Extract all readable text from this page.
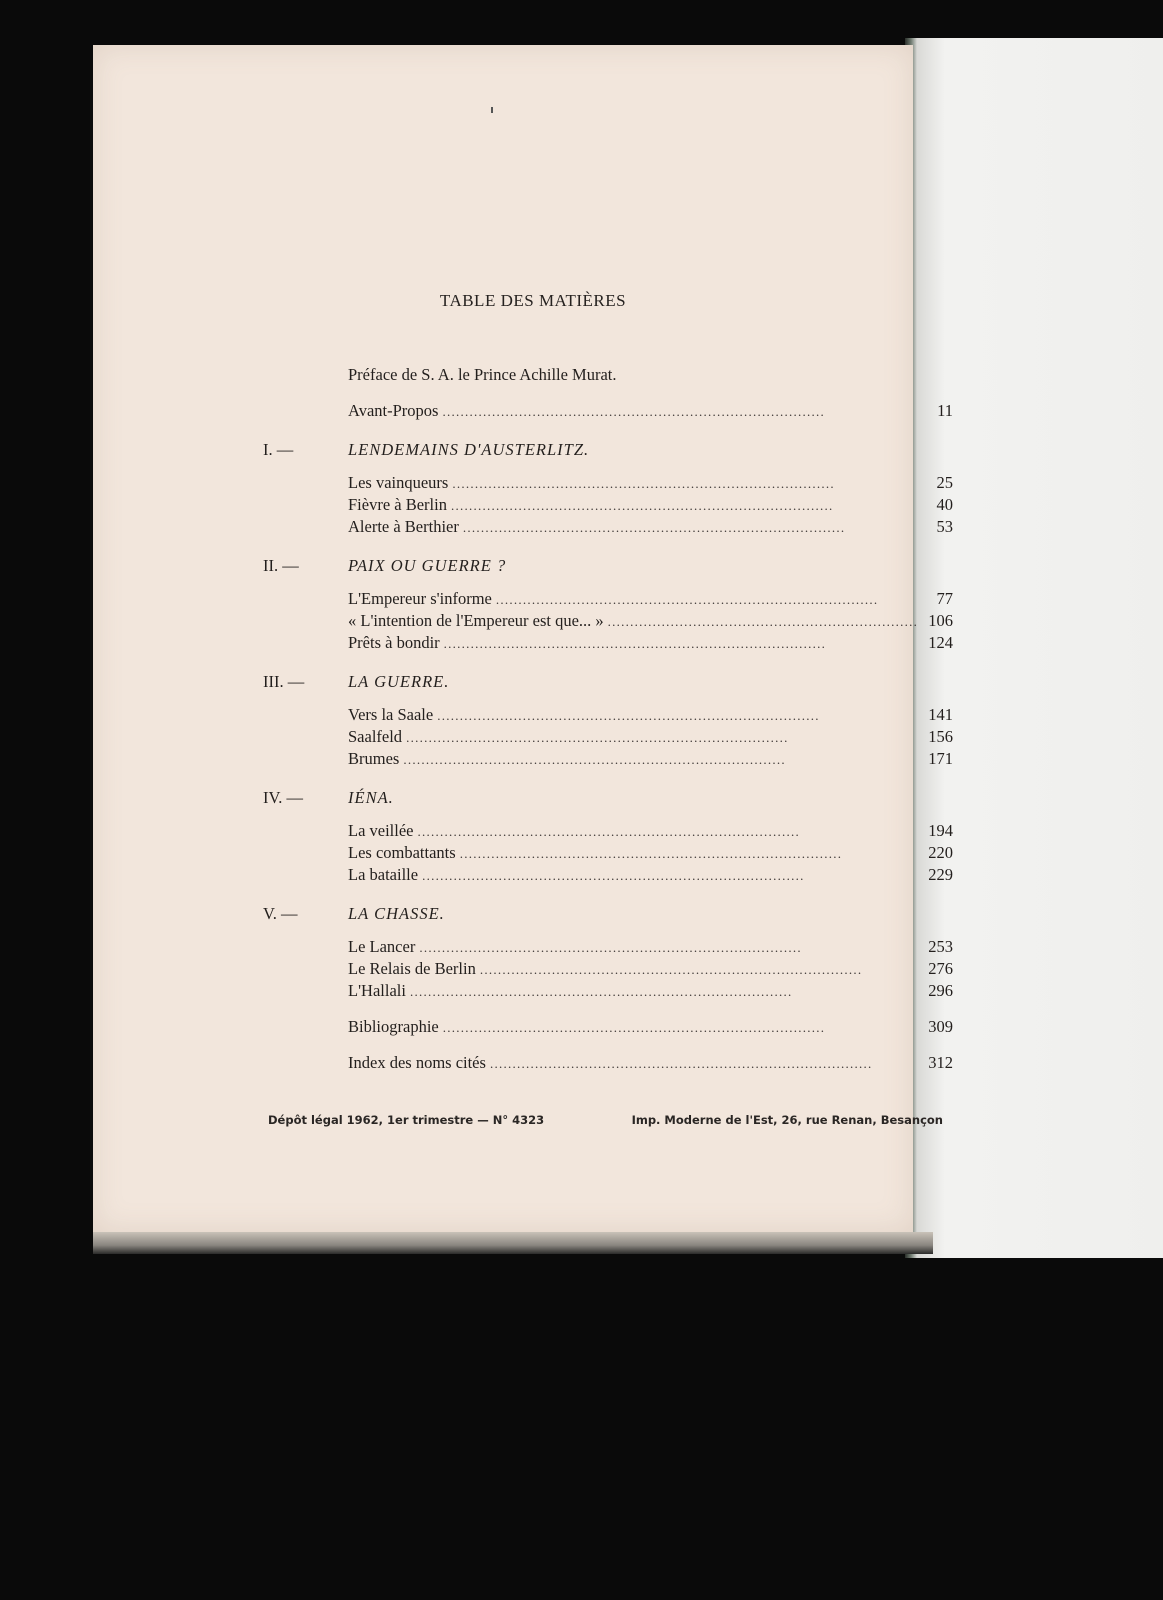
TABLE DES MATIÈRES
Préface de S. A. le Prince Achille Murat.
Avant-Propos . . .	11
I. —	LENDEMAINS D'AUSTERLITZ.
Les vainqueurs . . .	25
Fièvre à Berlin . . .	40
Alerte à Berthier . . .	53
II. —	PAIX OU GUERRE ?
L'Empereur s'informe . . .	77
« L'intention de l'Empereur est que... » . . .	106
Prêts à bondir . . .	124
III. —	LA GUERRE.
Vers la Saale . . .	141
Saalfeld . . .	156
Brumes . . .	171
IV. —	IÉNA.
La veillée . . .	194
Les combattants . . .	220
La bataille . . .	229
V. —	LA CHASSE.
Le Lancer . . .	253
Le Relais de Berlin . . .	276
L'Hallali . . .	296
Bibliographie . . .	309
Index des noms cités . . .	312
Dépôt légal 1962, 1er trimestre — N° 4323	Imp. Moderne de l'Est, 26, rue Renan, Besançon
